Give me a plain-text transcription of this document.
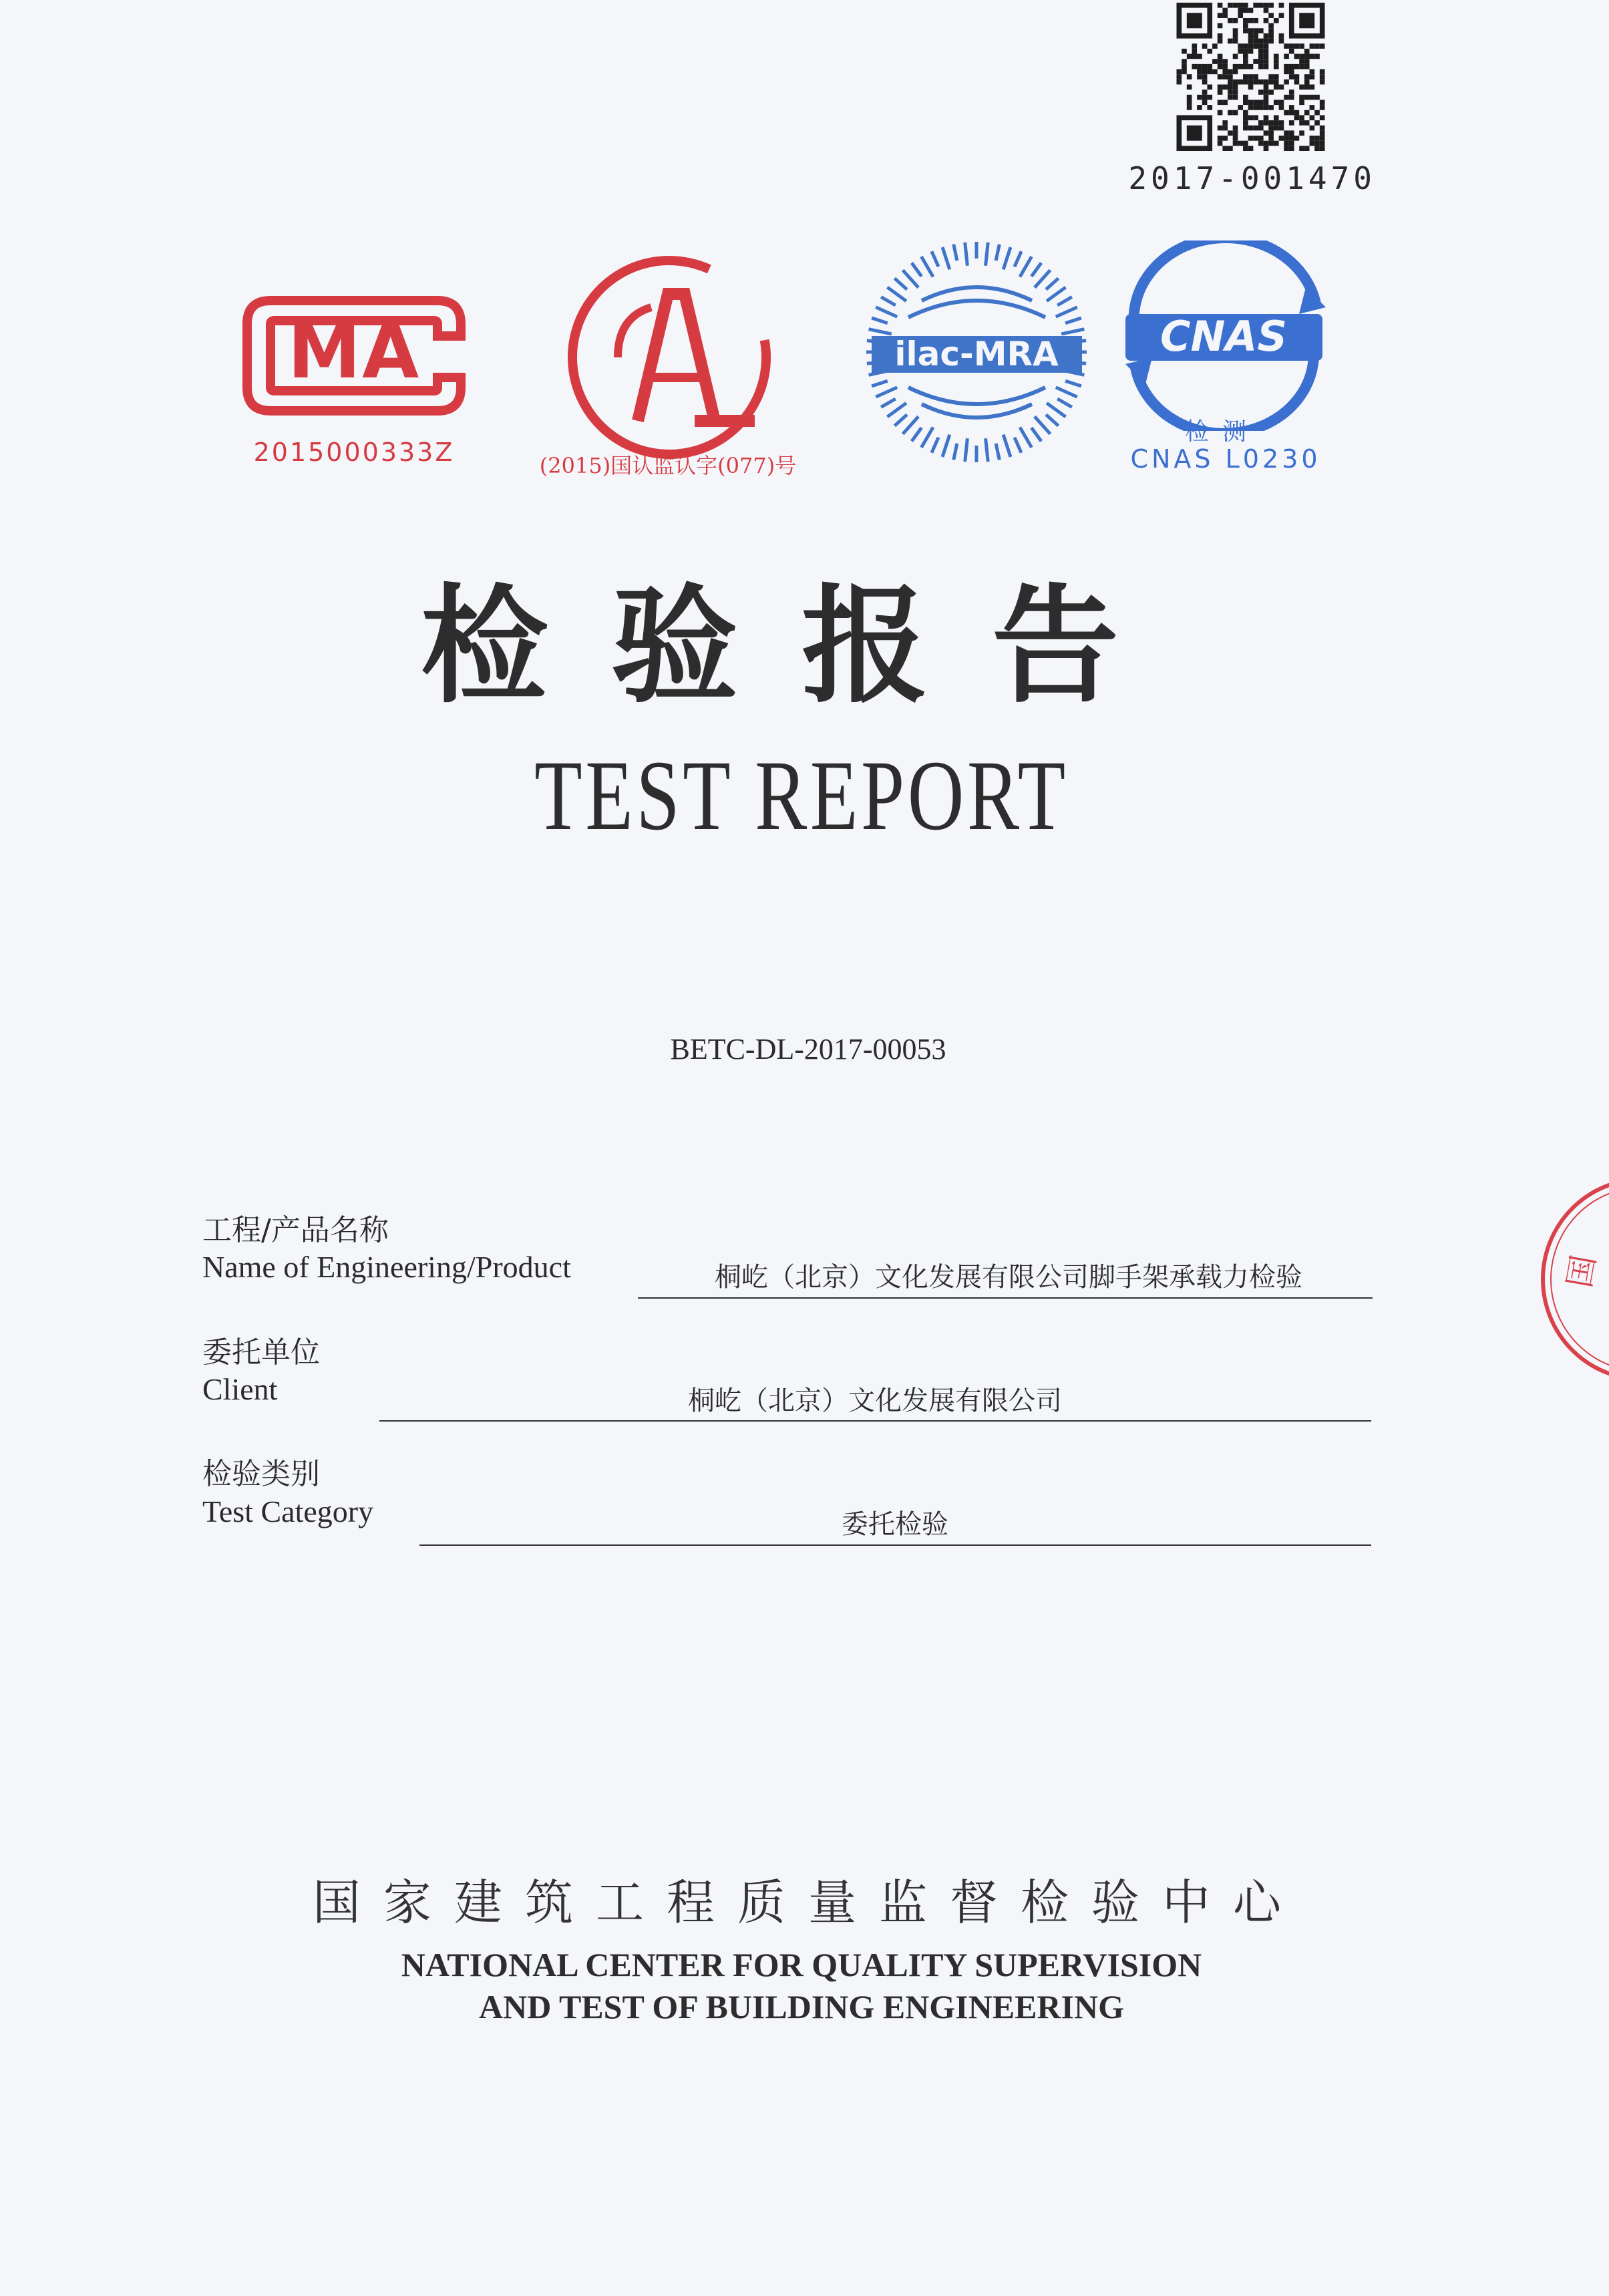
2017-001470
MA
2015000333Z	(2015)国认监认字(077)号
ilac-MRA CNAS
检测
CNAS L0230
检验报告
TEST REPORT
BETC-DL-2017-00053
工程/产品名称
Name of Engineering/Product	桐屹（北京）文化发展有限公司脚手架承载力检验
委托单位
Client	桐屹（北京）文化发展有限公司
检验类别
Test Category	委托检验
国家建筑工程质量监督检验中心
NATIONAL CENTER FOR QUALITY SUPERVISION
AND TEST OF BUILDING ENGINEERING
国
